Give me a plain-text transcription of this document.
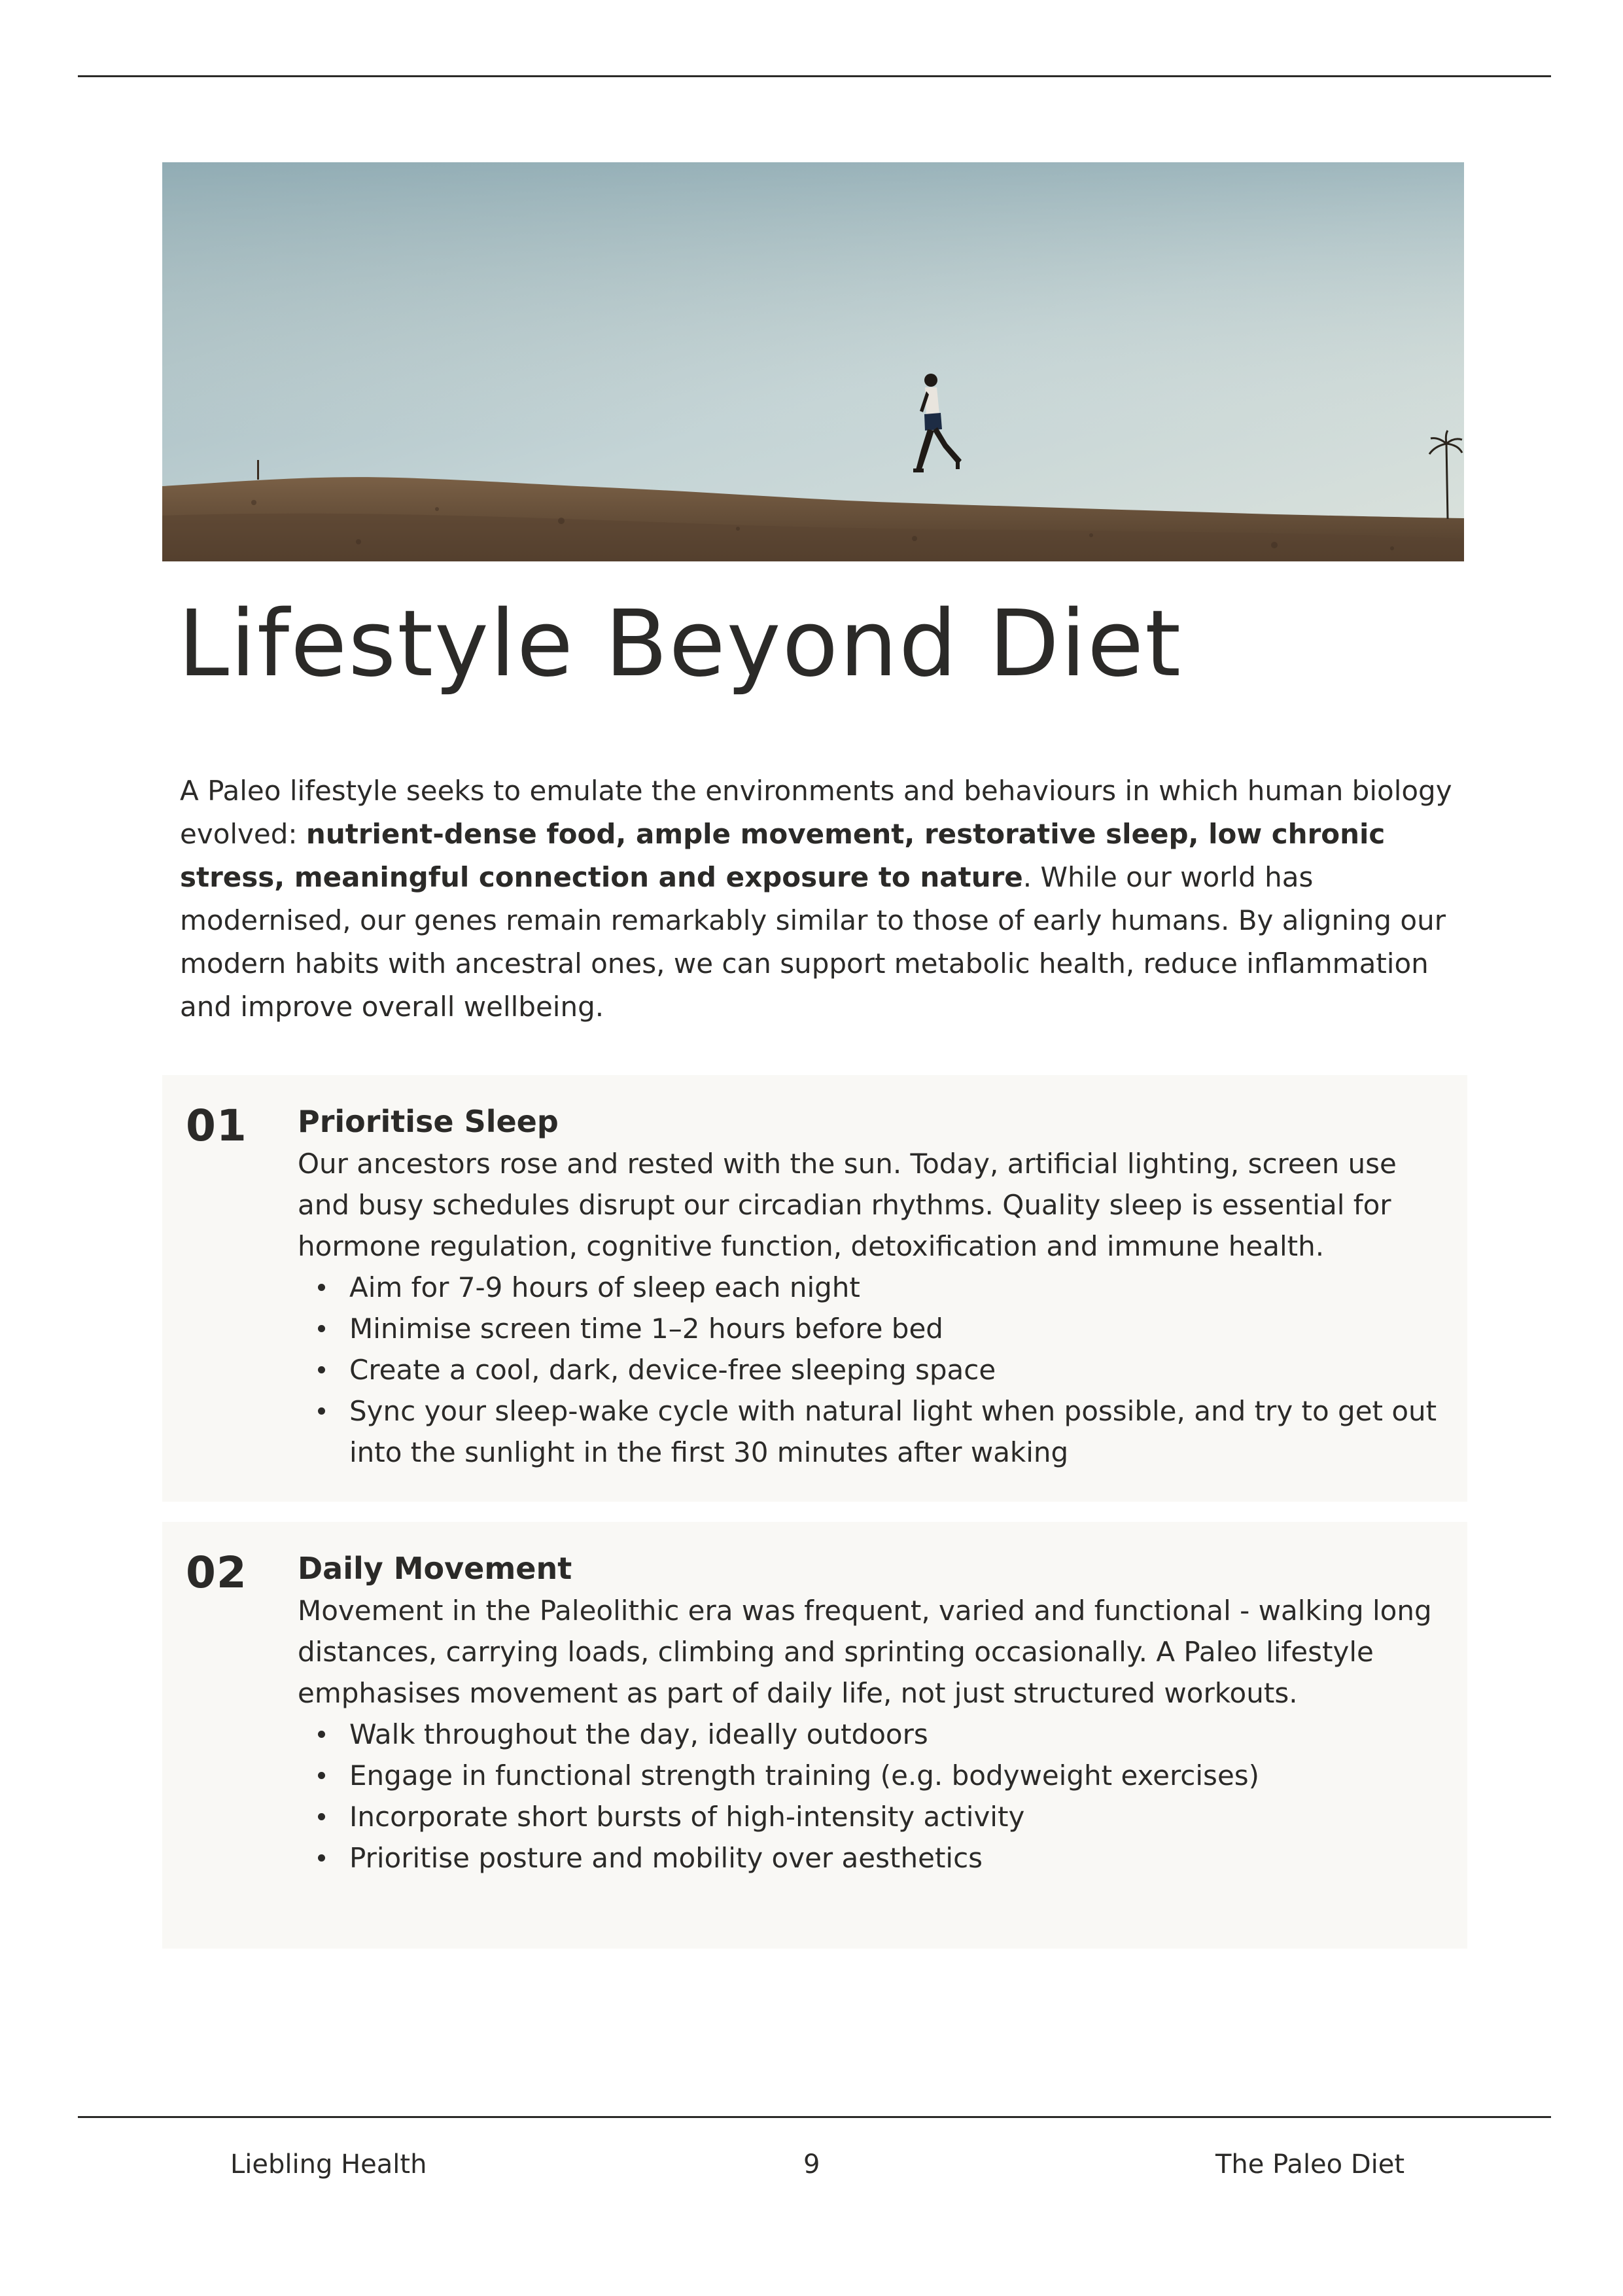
Lifestyle Beyond Diet

A Paleo lifestyle seeks to emulate the environments and behaviours in which human biology evolved: nutrient-dense food, ample movement, restorative sleep, low chronic stress, meaningful connection and exposure to nature. While our world has modernised, our genes remain remarkably similar to those of early humans. By aligning our modern habits with ancestral ones, we can support metabolic health, reduce inflammation and improve overall wellbeing.

01 Prioritise Sleep

Our ancestors rose and rested with the sun. Today, artificial lighting, screen use and busy schedules disrupt our circadian rhythms. Quality sleep is essential for hormone regulation, cognitive function, detoxification and immune health.

Aim for 7-9 hours of sleep each night
Minimise screen time 1–2 hours before bed
Create a cool, dark, device-free sleeping space
Sync your sleep-wake cycle with natural light when possible, and try to get out into the sunlight in the first 30 minutes after waking
02 Daily Movement

Movement in the Paleolithic era was frequent, varied and functional - walking long distances, carrying loads, climbing and sprinting occasionally. A Paleo lifestyle emphasises movement as part of daily life, not just structured workouts.

Walk throughout the day, ideally outdoors
Engage in functional strength training (e.g. bodyweight exercises)
Incorporate short bursts of high-intensity activity
Prioritise posture and mobility over aesthetics
Liebling Health	9	The Paleo Diet
